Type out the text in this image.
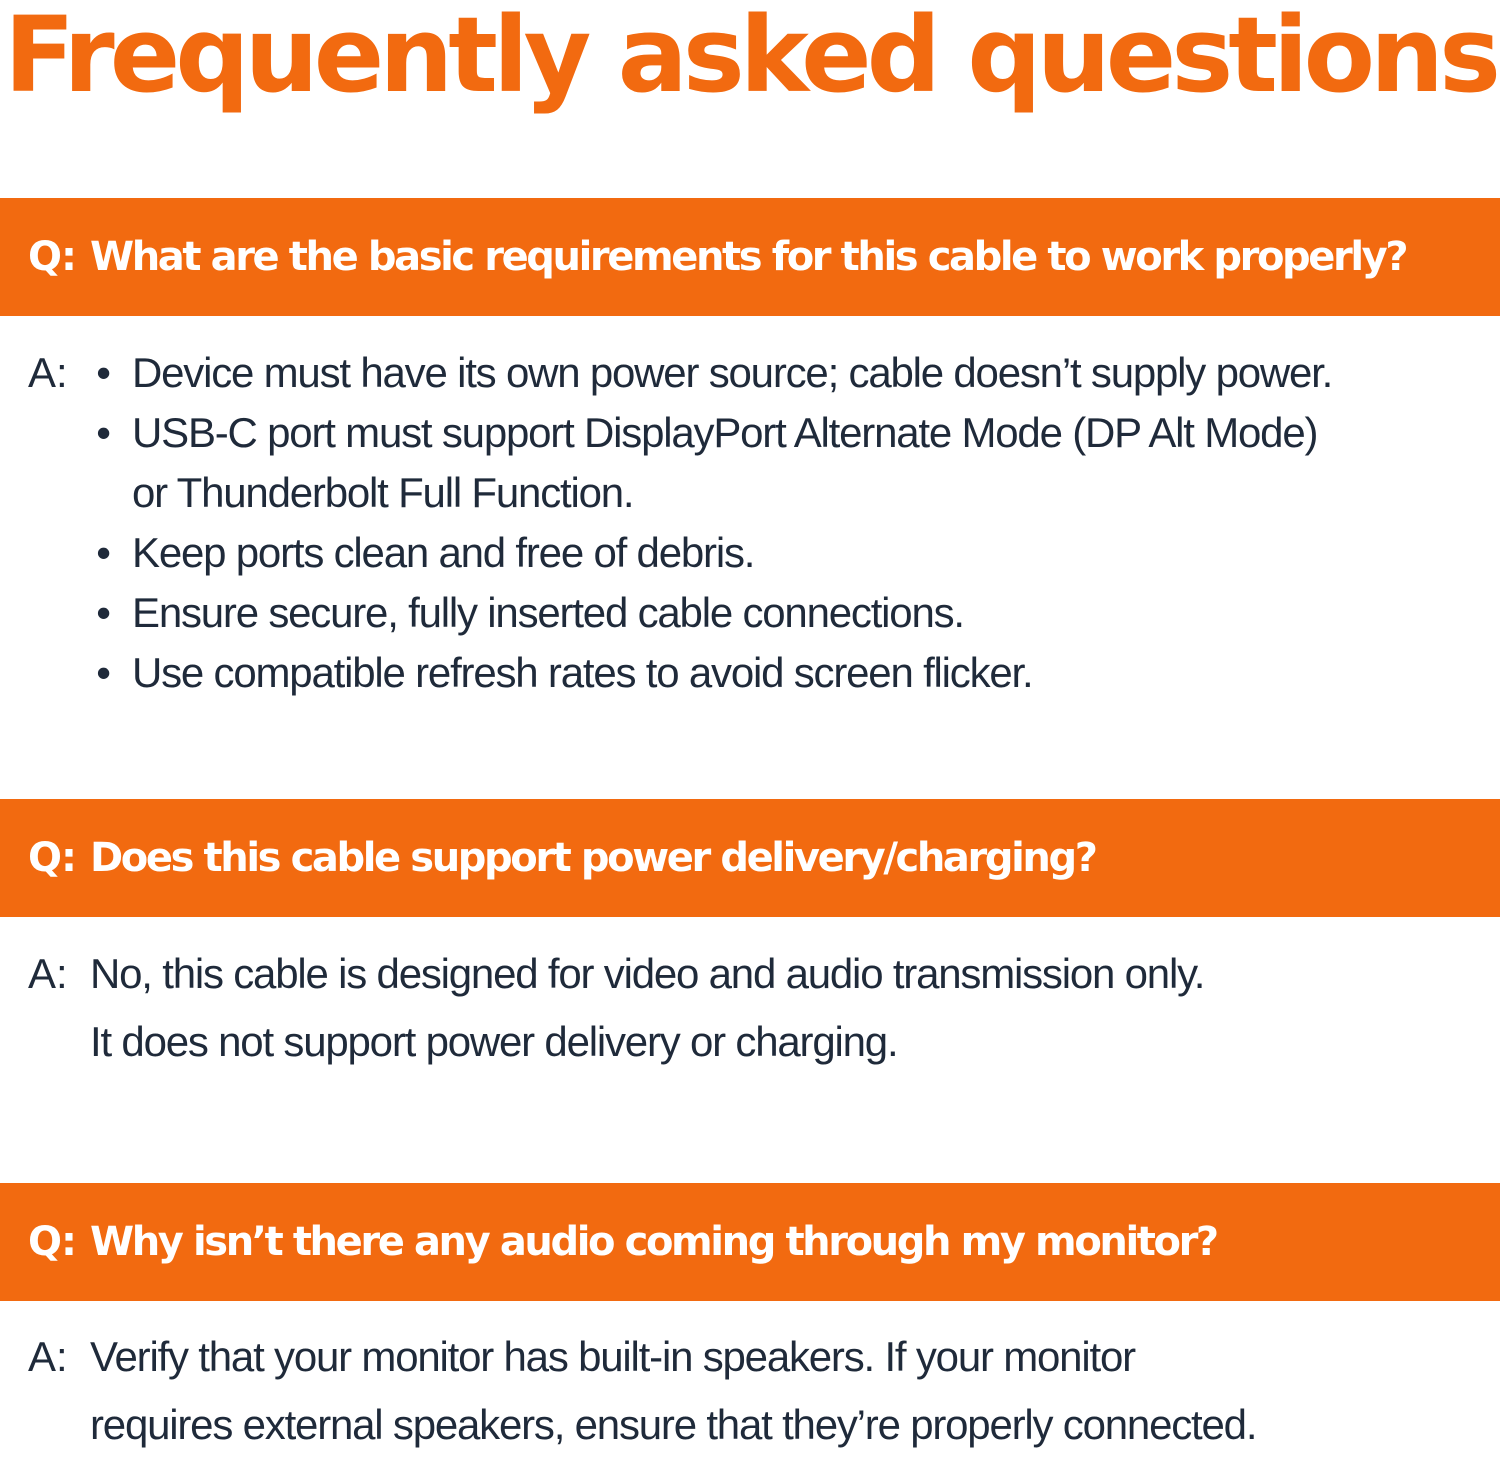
Frequently asked questions
Q: What are the basic requirements for this cable to work properly?
A: • Device must have its own power source; cable doesn’t supply power.
• USB-C port must support DisplayPort Alternate Mode (DP Alt Mode)
or Thunderbolt Full Function.
• Keep ports clean and free of debris.
• Ensure secure, fully inserted cable connections.
• Use compatible refresh rates to avoid screen flicker.
Q: Does this cable support power delivery/charging?
A: No, this cable is designed for video and audio transmission only.
It does not support power delivery or charging.
Q: Why isn’t there any audio coming through my monitor?
A: Verify that your monitor has built-in speakers. If your monitor
requires external speakers, ensure that they’re properly connected.
